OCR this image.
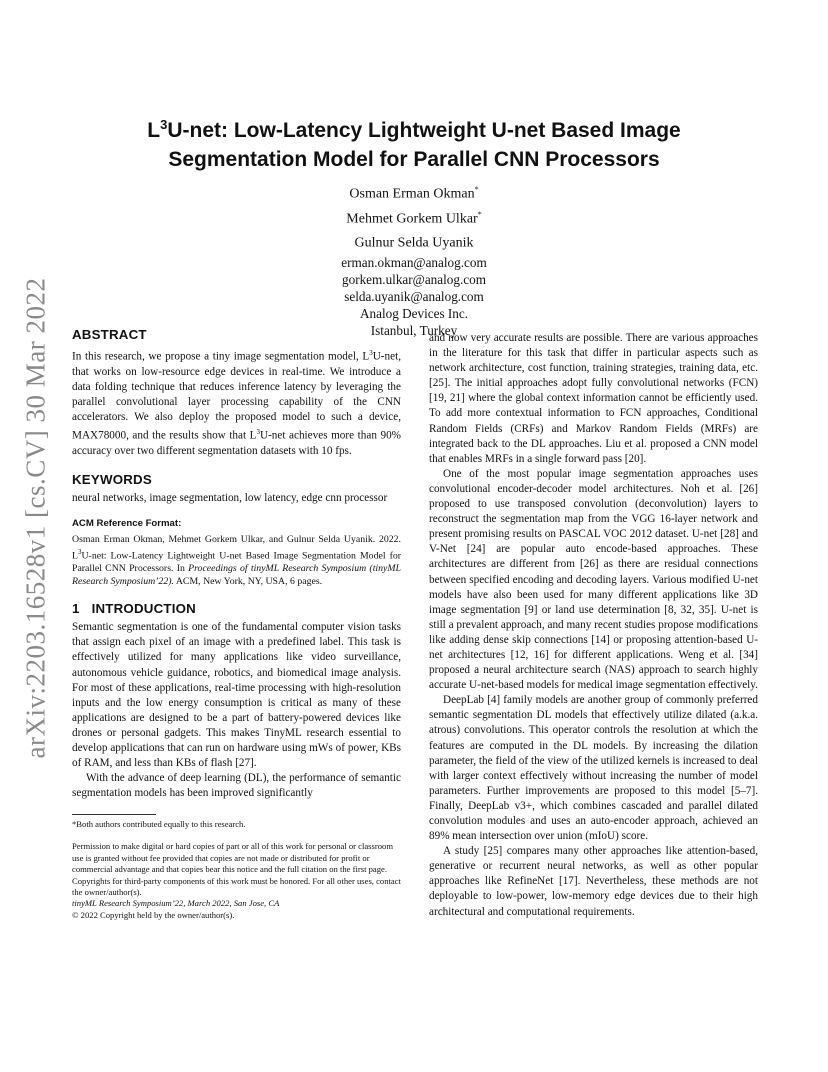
arXiv:2203.16528v1 [cs.CV] 30 Mar 2022
$L^3U$-net: Low-Latency Lightweight U-net Based Image
Segmentation Model for Parallel CNN Processors
Osman Erman Okman*
Mehmet Gorkem Ulkar*
Gulnur Selda Uyanik
erman.okman@analog.com
gorkem.ulkar@analog.com
selda.uyanik@analog.com
Analog Devices Inc.
Istanbul, Turkey
ABSTRACT

In this research, we propose a tiny image segmentation model, $L^3U$-net, that works on low-resource edge devices in real-time. We introduce a data folding technique that reduces inference latency by leveraging the parallel convolutional layer processing capability of the CNN accelerators. We also deploy the proposed model to such a device, MAX78000, and the results show that $L^3U$-net achieves more than 90% accuracy over two different segmentation datasets with 10 fps.

KEYWORDS

neural networks, image segmentation, low latency, edge cnn processor

ACM Reference Format:

Osman Erman Okman, Mehmet Gorkem Ulkar, and Gulnur Selda Uyanik. 2022. $L^3U$-net: Low-Latency Lightweight U-net Based Image Segmentation Model for Parallel CNN Processors. In Proceedings of tinyML Research Symposium (tinyML Research Symposium’22). ACM, New York, NY, USA, 6 pages.

1 INTRODUCTION

Semantic segmentation is one of the fundamental computer vision tasks that assign each pixel of an image with a predefined label. This task is effectively utilized for many applications like video surveillance, autonomous vehicle guidance, robotics, and biomedical image analysis. For most of these applications, real-time processing with high-resolution inputs and the low energy consumption is critical as many of these applications are designed to be a part of battery-powered devices like drones or personal gadgets. This makes TinyML research essential to develop applications that can run on hardware using mWs of power, KBs of RAM, and less than KBs of flash [27].

With the advance of deep learning (DL), the performance of semantic segmentation models has been improved significantly

*Both authors contributed equally to this research.
Permission to make digital or hard copies of part or all of this work for personal or classroom use is granted without fee provided that copies are not made or distributed for profit or commercial advantage and that copies bear this notice and the full citation on the first page. Copyrights for third-party components of this work must be honored. For all other uses, contact the owner/author(s).
tinyML Research Symposium’22, March 2022, San Jose, CA
© 2022 Copyright held by the owner/author(s).

and now very accurate results are possible. There are various approaches in the literature for this task that differ in particular aspects such as network architecture, cost function, training strategies, training data, etc. [25]. The initial approaches adopt fully convolutional networks (FCN) [19, 21] where the global context information cannot be efficiently used. To add more contextual information to FCN approaches, Conditional Random Fields (CRFs) and Markov Random Fields (MRFs) are integrated back to the DL approaches. Liu et al. proposed a CNN model that enables MRFs in a single forward pass [20].

One of the most popular image segmentation approaches uses convolutional encoder-decoder model architectures. Noh et al. [26] proposed to use transposed convolution (deconvolution) layers to reconstruct the segmentation map from the VGG 16-layer network and present promising results on PASCAL VOC 2012 dataset. U-net [28] and V-Net [24] are popular auto encode-based approaches. These architectures are different from [26] as there are residual connections between specified encoding and decoding layers. Various modified U-net models have also been used for many different applications like 3D image segmentation [9] or land use determination [8, 32, 35]. U-net is still a prevalent approach, and many recent studies propose modifications like adding dense skip connections [14] or proposing attention-based U-net architectures [12, 16] for different applications. Weng et al. [34] proposed a neural architecture search (NAS) approach to search highly accurate U-net-based models for medical image segmentation effectively.

DeepLab [4] family models are another group of commonly preferred semantic segmentation DL models that effectively utilize dilated (a.k.a. atrous) convolutions. This operator controls the resolution at which the features are computed in the DL models. By increasing the dilation parameter, the field of the view of the utilized kernels is increased to deal with larger context effectively without increasing the number of model parameters. Further improvements are proposed to this model [5–7]. Finally, DeepLab v3+, which combines cascaded and parallel dilated convolution modules and uses an auto-encoder approach, achieved an 89% mean intersection over union (mIoU) score.

A study [25] compares many other approaches like attention-based, generative or recurrent neural networks, as well as other popular approaches like RefineNet [17]. Nevertheless, these methods are not deployable to low-power, low-memory edge devices due to their high architectural and computational requirements.
